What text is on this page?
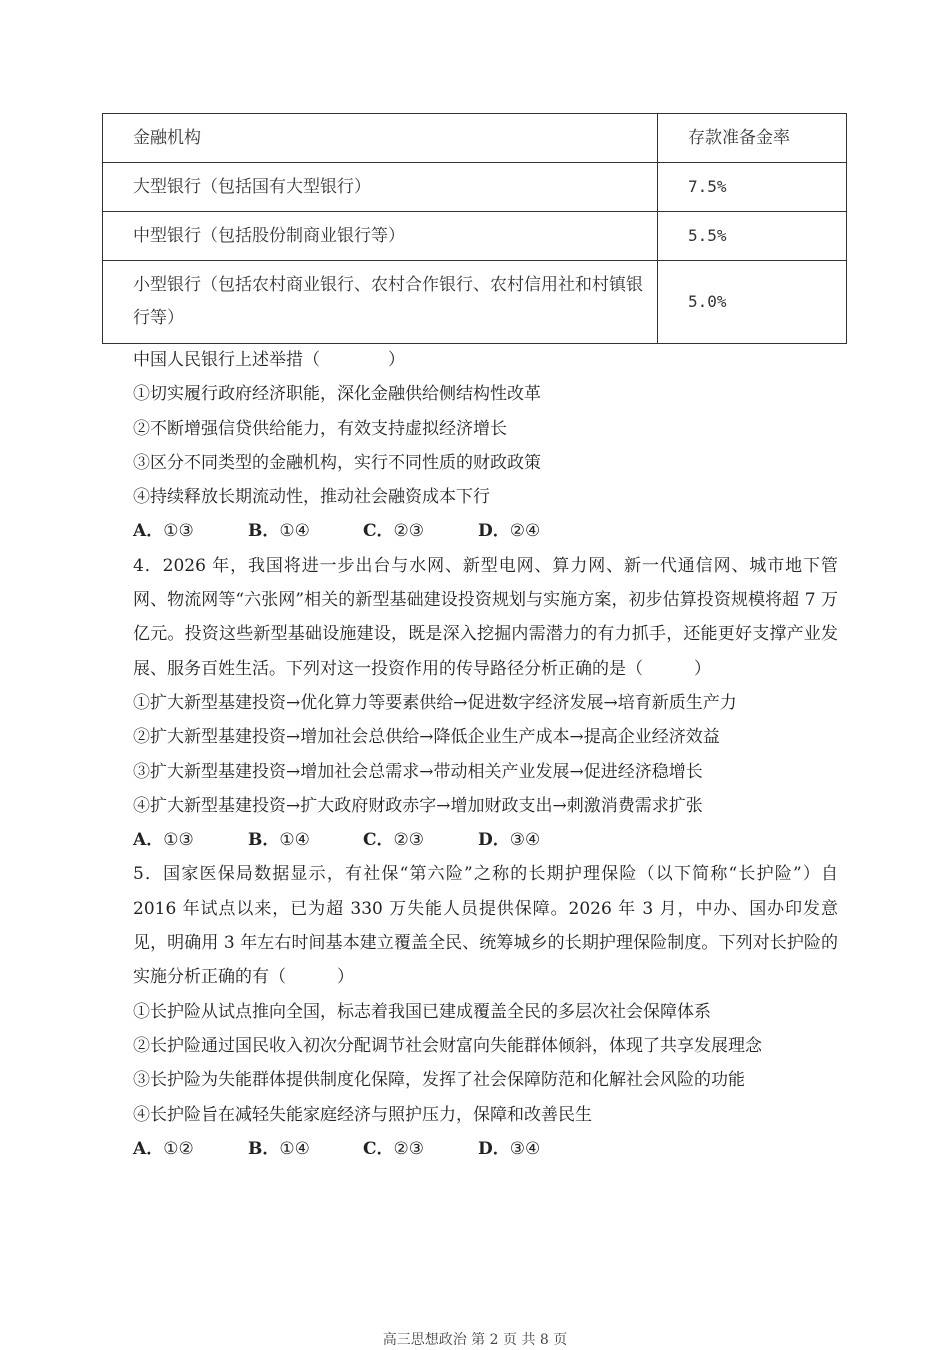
金融机构	存款准备金率
大型银行（包括国有大型银行）	7.5%
中型银行（包括股份制商业银行等）	5.5%
小型银行（包括农村商业银行、农村合作银行、农村信用社和村镇银行等）	5.0%
中国人民银行上述举措（　　　　）
①切实履行政府经济职能，深化金融供给侧结构性改革
②不断增强信贷供给能力，有效支持虚拟经济增长
③区分不同类型的金融机构，实行不同性质的财政政策
④持续释放长期流动性，推动社会融资成本下行
A．①③	B．①④	C．②③	D．②④
4．2026 年，我国将进一步出台与水网、新型电网、算力网、新一代通信网、城市地下管网、物流网等“六张网”相关的新型基础建设投资规划与实施方案，初步估算投资规模将超 7 万亿元。投资这些新型基础设施建设，既是深入挖掘内需潜力的有力抓手，还能更好支撑产业发展、服务百姓生活。下列对这一投资作用的传导路径分析正确的是（　　　）
①扩大新型基建投资→优化算力等要素供给→促进数字经济发展→培育新质生产力
②扩大新型基建投资→增加社会总供给→降低企业生产成本→提高企业经济效益
③扩大新型基建投资→增加社会总需求→带动相关产业发展→促进经济稳增长
④扩大新型基建投资→扩大政府财政赤字→增加财政支出→刺激消费需求扩张
A．①③	B．①④	C．②③	D．③④
5．国家医保局数据显示，有社保“第六险”之称的长期护理保险（以下简称“长护险”）自 2016 年试点以来，已为超 330 万失能人员提供保障。2026 年 3 月，中办、国办印发意见，明确用 3 年左右时间基本建立覆盖全民、统筹城乡的长期护理保险制度。下列对长护险的实施分析正确的有（　　　）
①长护险从试点推向全国，标志着我国已建成覆盖全民的多层次社会保障体系
②长护险通过国民收入初次分配调节社会财富向失能群体倾斜，体现了共享发展理念
③长护险为失能群体提供制度化保障，发挥了社会保障防范和化解社会风险的功能
④长护险旨在减轻失能家庭经济与照护压力，保障和改善民生
A．①②	B．①④	C．②③	D．③④
高三思想政治 第 2 页 共 8 页
